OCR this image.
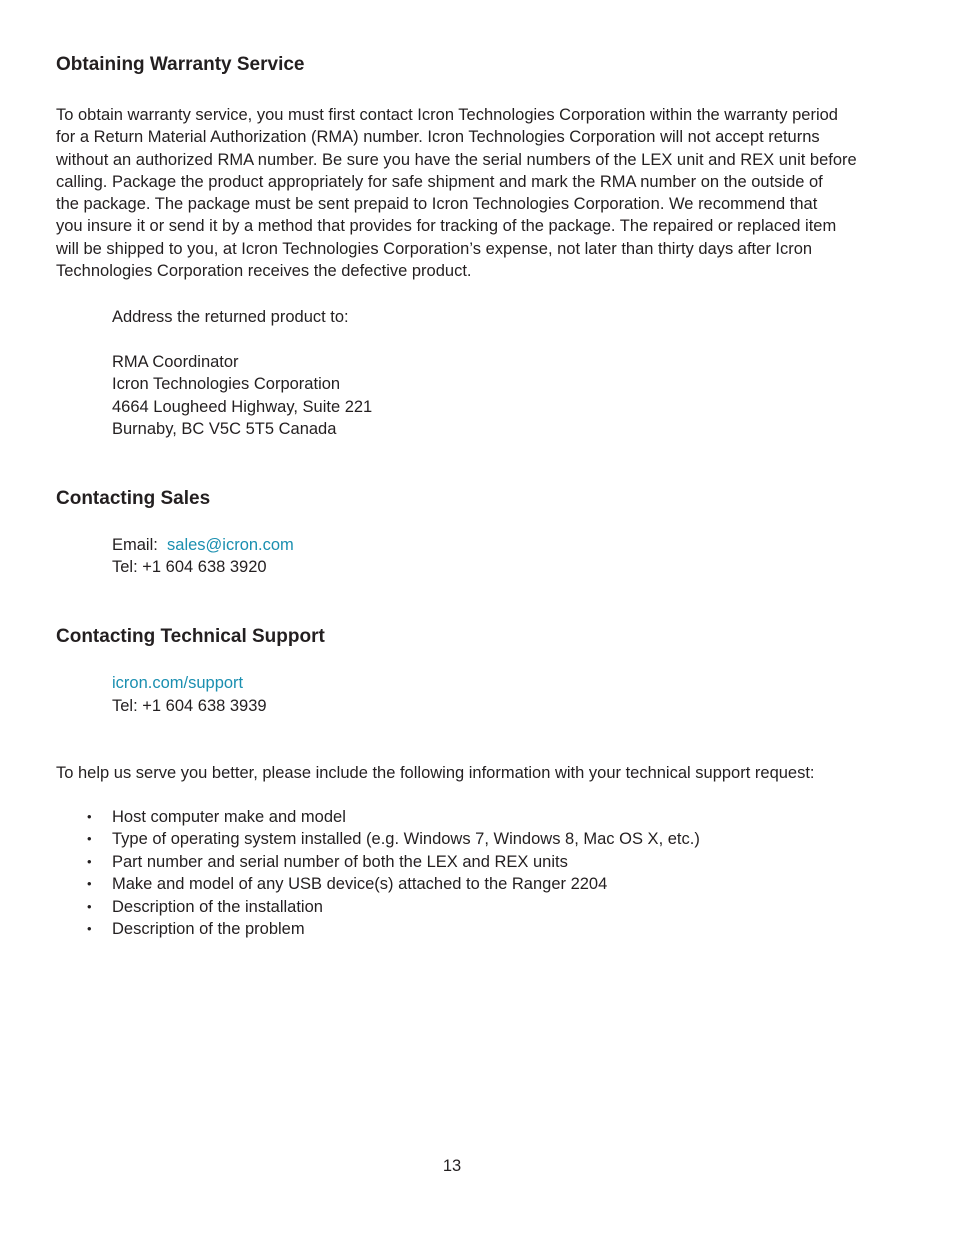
Obtaining Warranty Service

To obtain warranty service, you must first contact Icron Technologies Corporation within the warranty period
for a Return Material Authorization (RMA) number. Icron Technologies Corporation will not accept returns
without an authorized RMA number. Be sure you have the serial numbers of the LEX unit and REX unit before
calling. Package the product appropriately for safe shipment and mark the RMA number on the outside of
the package. The package must be sent prepaid to Icron Technologies Corporation. We recommend that
you insure it or send it by a method that provides for tracking of the package. The repaired or replaced item
will be shipped to you, at Icron Technologies Corporation’s expense, not later than thirty days after Icron
Technologies Corporation receives the defective product.

Address the returned product to:
RMA Coordinator
Icron Technologies Corporation
4664 Lougheed Highway, Suite 221
Burnaby, BC V5C 5T5 Canada
Contacting Sales
Email: sales@icron.com
Tel: +1 604 638 3920
Contacting Technical Support
icron.com/support
Tel: +1 604 638 3939
To help us serve you better, please include the following information with your technical support request:
• Host computer make and model
• Type of operating system installed (e.g. Windows 7, Windows 8, Mac OS X, etc.)
• Part number and serial number of both the LEX and REX units
• Make and model of any USB device(s) attached to the Ranger 2204
• Description of the installation
• Description of the problem
13
